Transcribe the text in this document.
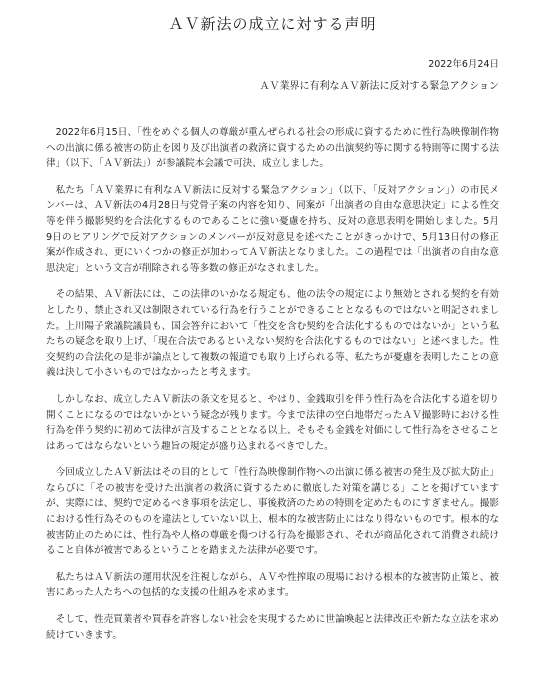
ＡＶ新法の成立に対する声明
2022年6月24日
ＡＶ業界に有利なＡＶ新法に反対する緊急アクション

2022年6月15日、「性をめぐる個人の尊厳が重んぜられる社会の形成に資するために性行為映像制作物への出演に係る被害の防止を図り及び出演者の救済に資するための出演契約等に関する特則等に関する法律」（以下、「ＡＶ新法」）が参議院本会議で可決、成立しました。

私たち「ＡＶ業界に有利なＡＶ新法に反対する緊急アクション」（以下、「反対アクション」）の市民メンバーは、ＡＶ新法の4月28日与党骨子案の内容を知り、同案が「出演者の自由な意思決定」による性交等を伴う撮影契約を合法化するものであることに強い憂慮を持ち、反対の意思表明を開始しました。5月9日のヒアリングで反対アクションのメンバーが反対意見を述べたことがきっかけで、5月13日付の修正案が作成され、更にいくつかの修正が加わってＡＶ新法となりました。この過程では「出演者の自由な意思決定」という文言が削除される等多数の修正がなされました。

その結果、ＡＶ新法には、この法律のいかなる規定も、他の法令の規定により無効とされる契約を有効としたり、禁止され又は制限されている行為を行うことができることとなるものではないと明記されました。上川陽子衆議院議員も、国会答弁において「性交を含む契約を合法化するものではないか」という私たちの疑念を取り上げ、「現在合法であるといえない契約を合法化するものではない」と述べました。性交契約の合法化の是非が論点として複数の報道でも取り上げられる等、私たちが憂慮を表明したことの意義は決して小さいものではなかったと考えます。

しかしなお、成立したＡＶ新法の条文を見ると、やはり、金銭取引を伴う性行為を合法化する道を切り開くことになるのではないかという疑念が残ります。今まで法律の空白地帯だったＡＶ撮影時における性行為を伴う契約に初めて法律が言及することとなる以上、そもそも金銭を対価にして性行為をさせることはあってはならないという趣旨の規定が盛り込まれるべきでした。

今回成立したＡＶ新法はその目的として「性行為映像制作物への出演に係る被害の発生及び拡大防止」ならびに「その被害を受けた出演者の救済に資するために徹底した対策を講じる」ことを掲げていますが、実際には、契約で定めるべき事項を法定し、事後救済のための特則を定めたものにすぎません。撮影における性行為そのものを違法としていない以上、根本的な被害防止にはなり得ないものです。根本的な被害防止のためには、性行為や人格の尊厳を傷つける行為を撮影され、それが商品化されて消費され続けること自体が被害であるということを踏まえた法律が必要です。

私たちはＡＶ新法の運用状況を注視しながら、ＡＶや性搾取の現場における根本的な被害防止策と、被害にあった人たちへの包括的な支援の仕組みを求めます。

そして、性売買業者や買春を許容しない社会を実現するために世論喚起と法律改正や新たな立法を求め続けていきます。
